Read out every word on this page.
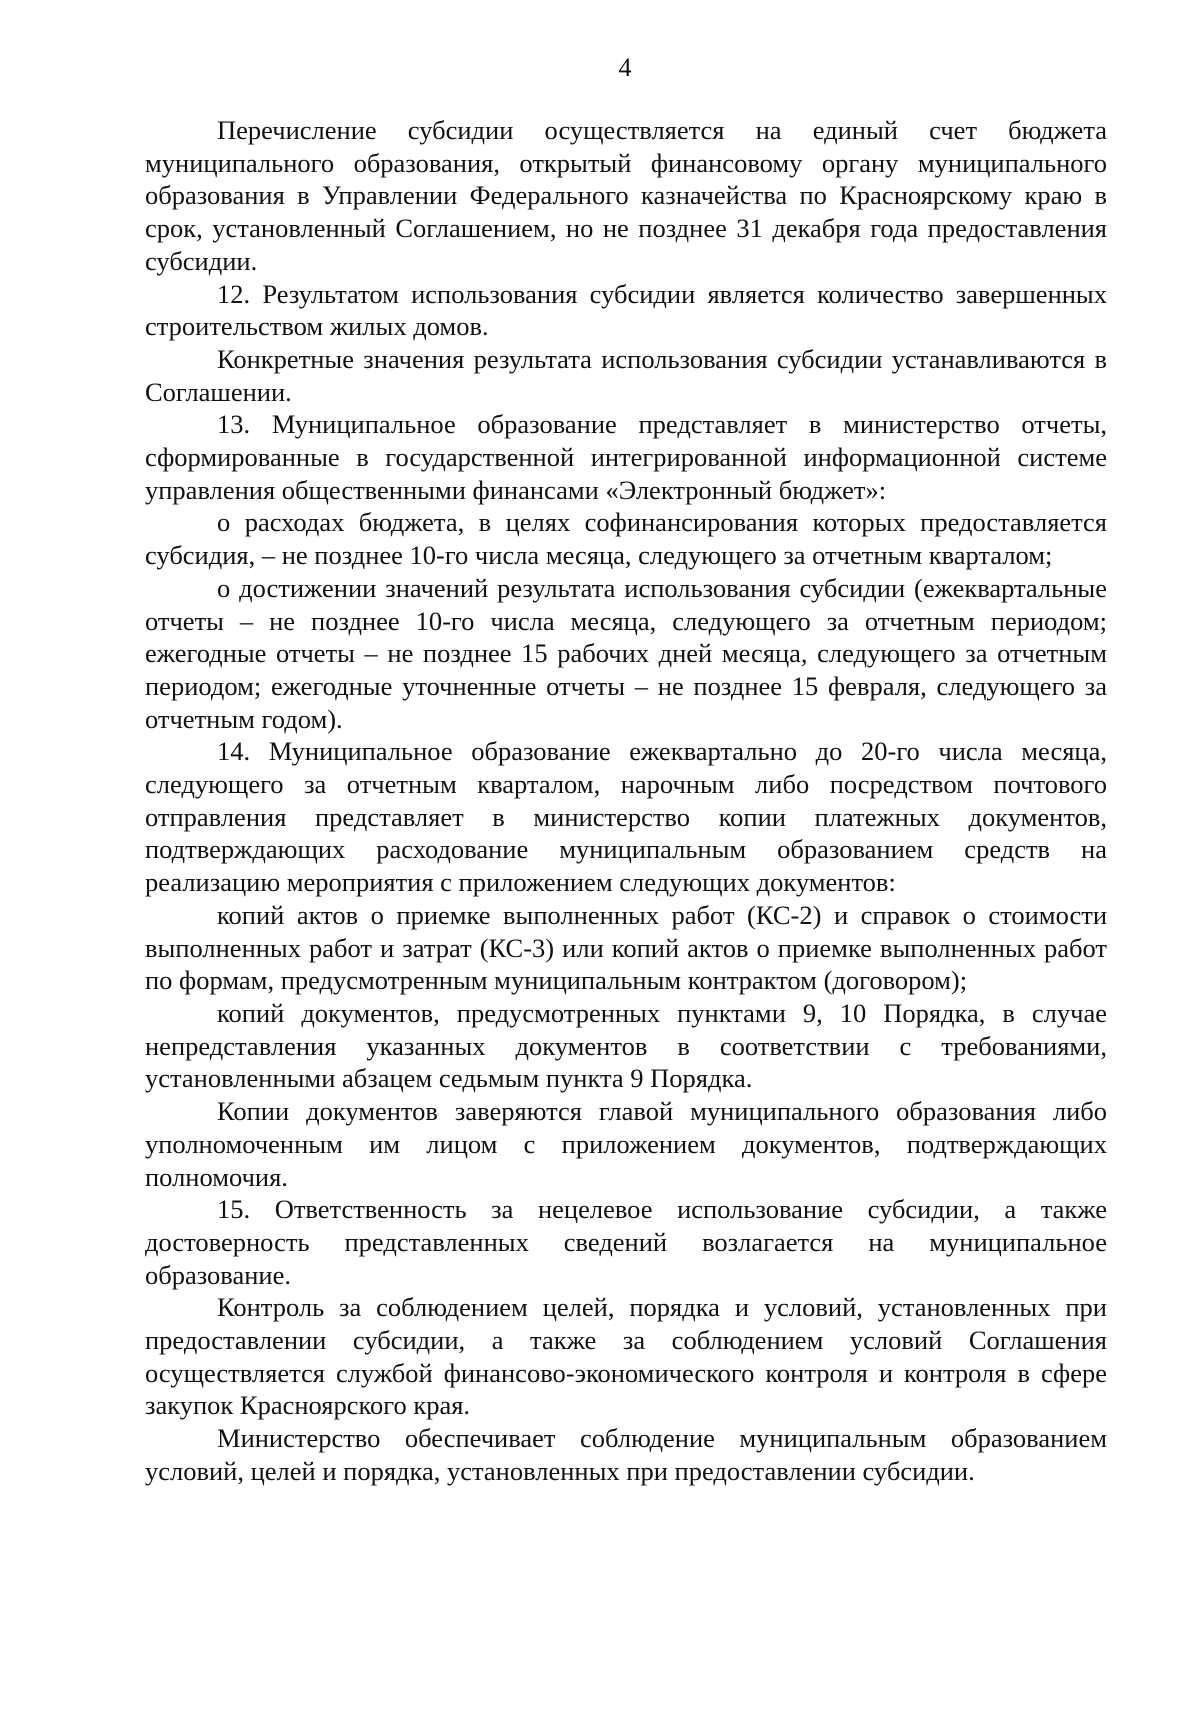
4

Перечисление субсидии осуществляется на единый счет бюджета муниципального образования, открытый финансовому органу муниципального образования в Управлении Федерального казначейства по Красноярскому краю в срок, установленный Соглашением, но не позднее 31 декабря года предоставления субсидии.

12. Результатом использования субсидии является количество завершенных строительством жилых домов.

Конкретные значения результата использования субсидии устанавливаются в Соглашении.

13. Муниципальное образование представляет в министерство отчеты, сформированные в государственной интегрированной информационной системе управления общественными финансами «Электронный бюджет»:

о расходах бюджета, в целях софинансирования которых предоставляется субсидия, – не позднее 10-го числа месяца, следующего за отчетным кварталом;

о достижении значений результата использования субсидии (ежеквартальные отчеты – не позднее 10-го числа месяца, следующего за отчетным периодом; ежегодные отчеты – не позднее 15 рабочих дней месяца, следующего за отчетным периодом; ежегодные уточненные отчеты – не позднее 15 февраля, следующего за отчетным годом).

14. Муниципальное образование ежеквартально до 20-го числа месяца, следующего за отчетным кварталом, нарочным либо посредством почтового отправления представляет в министерство копии платежных документов, подтверждающих расходование муниципальным образованием средств на реализацию мероприятия с приложением следующих документов:

копий актов о приемке выполненных работ (КС-2) и справок о стоимости выполненных работ и затрат (КС-3) или копий актов о приемке выполненных работ по формам, предусмотренным муниципальным контрактом (договором);

копий документов, предусмотренных пунктами 9, 10 Порядка, в случае непредставления указанных документов в соответствии с требованиями, установленными абзацем седьмым пункта 9 Порядка.

Копии документов заверяются главой муниципального образования либо уполномоченным им лицом с приложением документов, подтверждающих полномочия.

15. Ответственность за нецелевое использование субсидии, а также достоверность представленных сведений возлагается на муниципальное образование.

Контроль за соблюдением целей, порядка и условий, установленных при предоставлении субсидии, а также за соблюдением условий Соглашения осуществляется службой финансово-экономического контроля и контроля в сфере закупок Красноярского края.

Министерство обеспечивает соблюдение муниципальным образованием условий, целей и порядка, установленных при предоставлении субсидии.
